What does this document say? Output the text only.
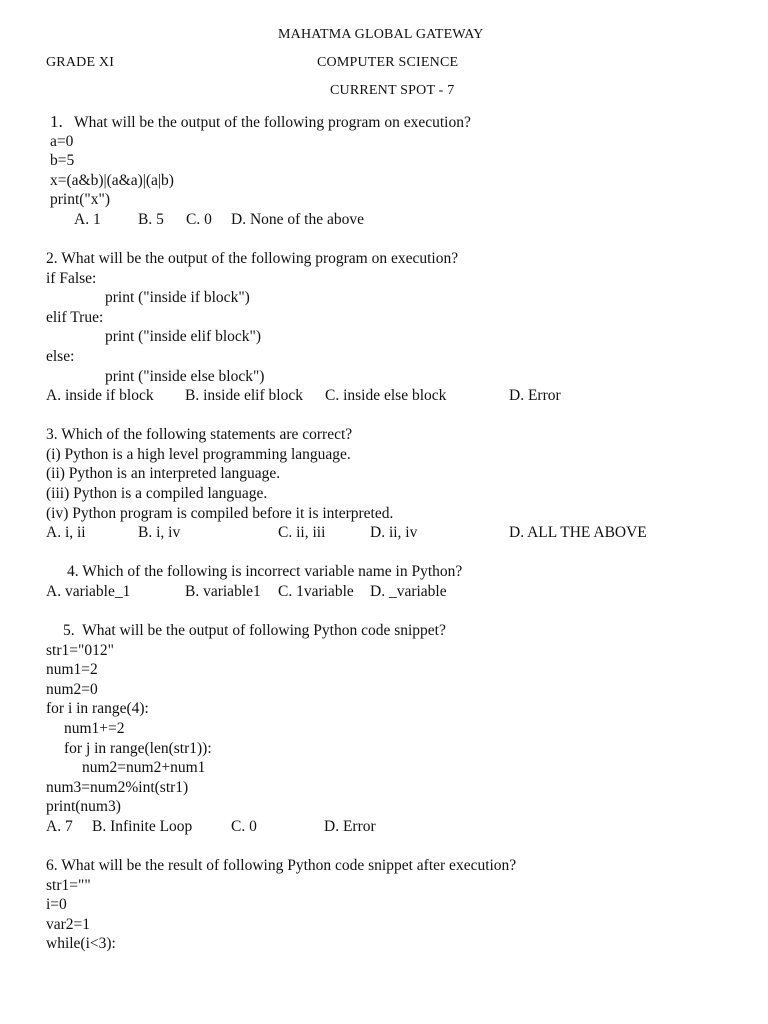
MAHATMA GLOBAL GATEWAY
GRADE XI	COMPUTER SCIENCE
CURRENT SPOT - 7
1. What will be the output of the following program on execution?
a=0
b=5
x=(a&b)|(a&a)|(a|b)
print("x")
A. 1 B. 5 C. 0 D. None of the above
2. What will be the output of the following program on execution?
if False:
print ("inside if block")
elif True:
print ("inside elif block")
else:
print ("inside else block")
A. inside if block B. inside elif block C. inside else block	D. Error
3. Which of the following statements are correct?
(i) Python is a high level programming language.
(ii) Python is an interpreted language.
(iii) Python is a compiled language.
(iv) Python program is compiled before it is interpreted.
A. i, ii	B. i, iv	C. ii, iii	D. ii, iv	D. ALL THE ABOVE
4. Which of the following is incorrect variable name in Python?
A. variable_1	B. variable1 C. 1variable D. _variable
5.  What will be the output of following Python code snippet?
str1="012"
num1=2
num2=0
for i in range(4):
num1+=2
for j in range(len(str1)):
num2=num2+num1
num3=num2%int(str1)
print(num3)
A. 7 B. Infinite Loop C. 0	D. Error
6. What will be the result of following Python code snippet after execution?
str1=""
i=0
var2=1
while(i<3):
